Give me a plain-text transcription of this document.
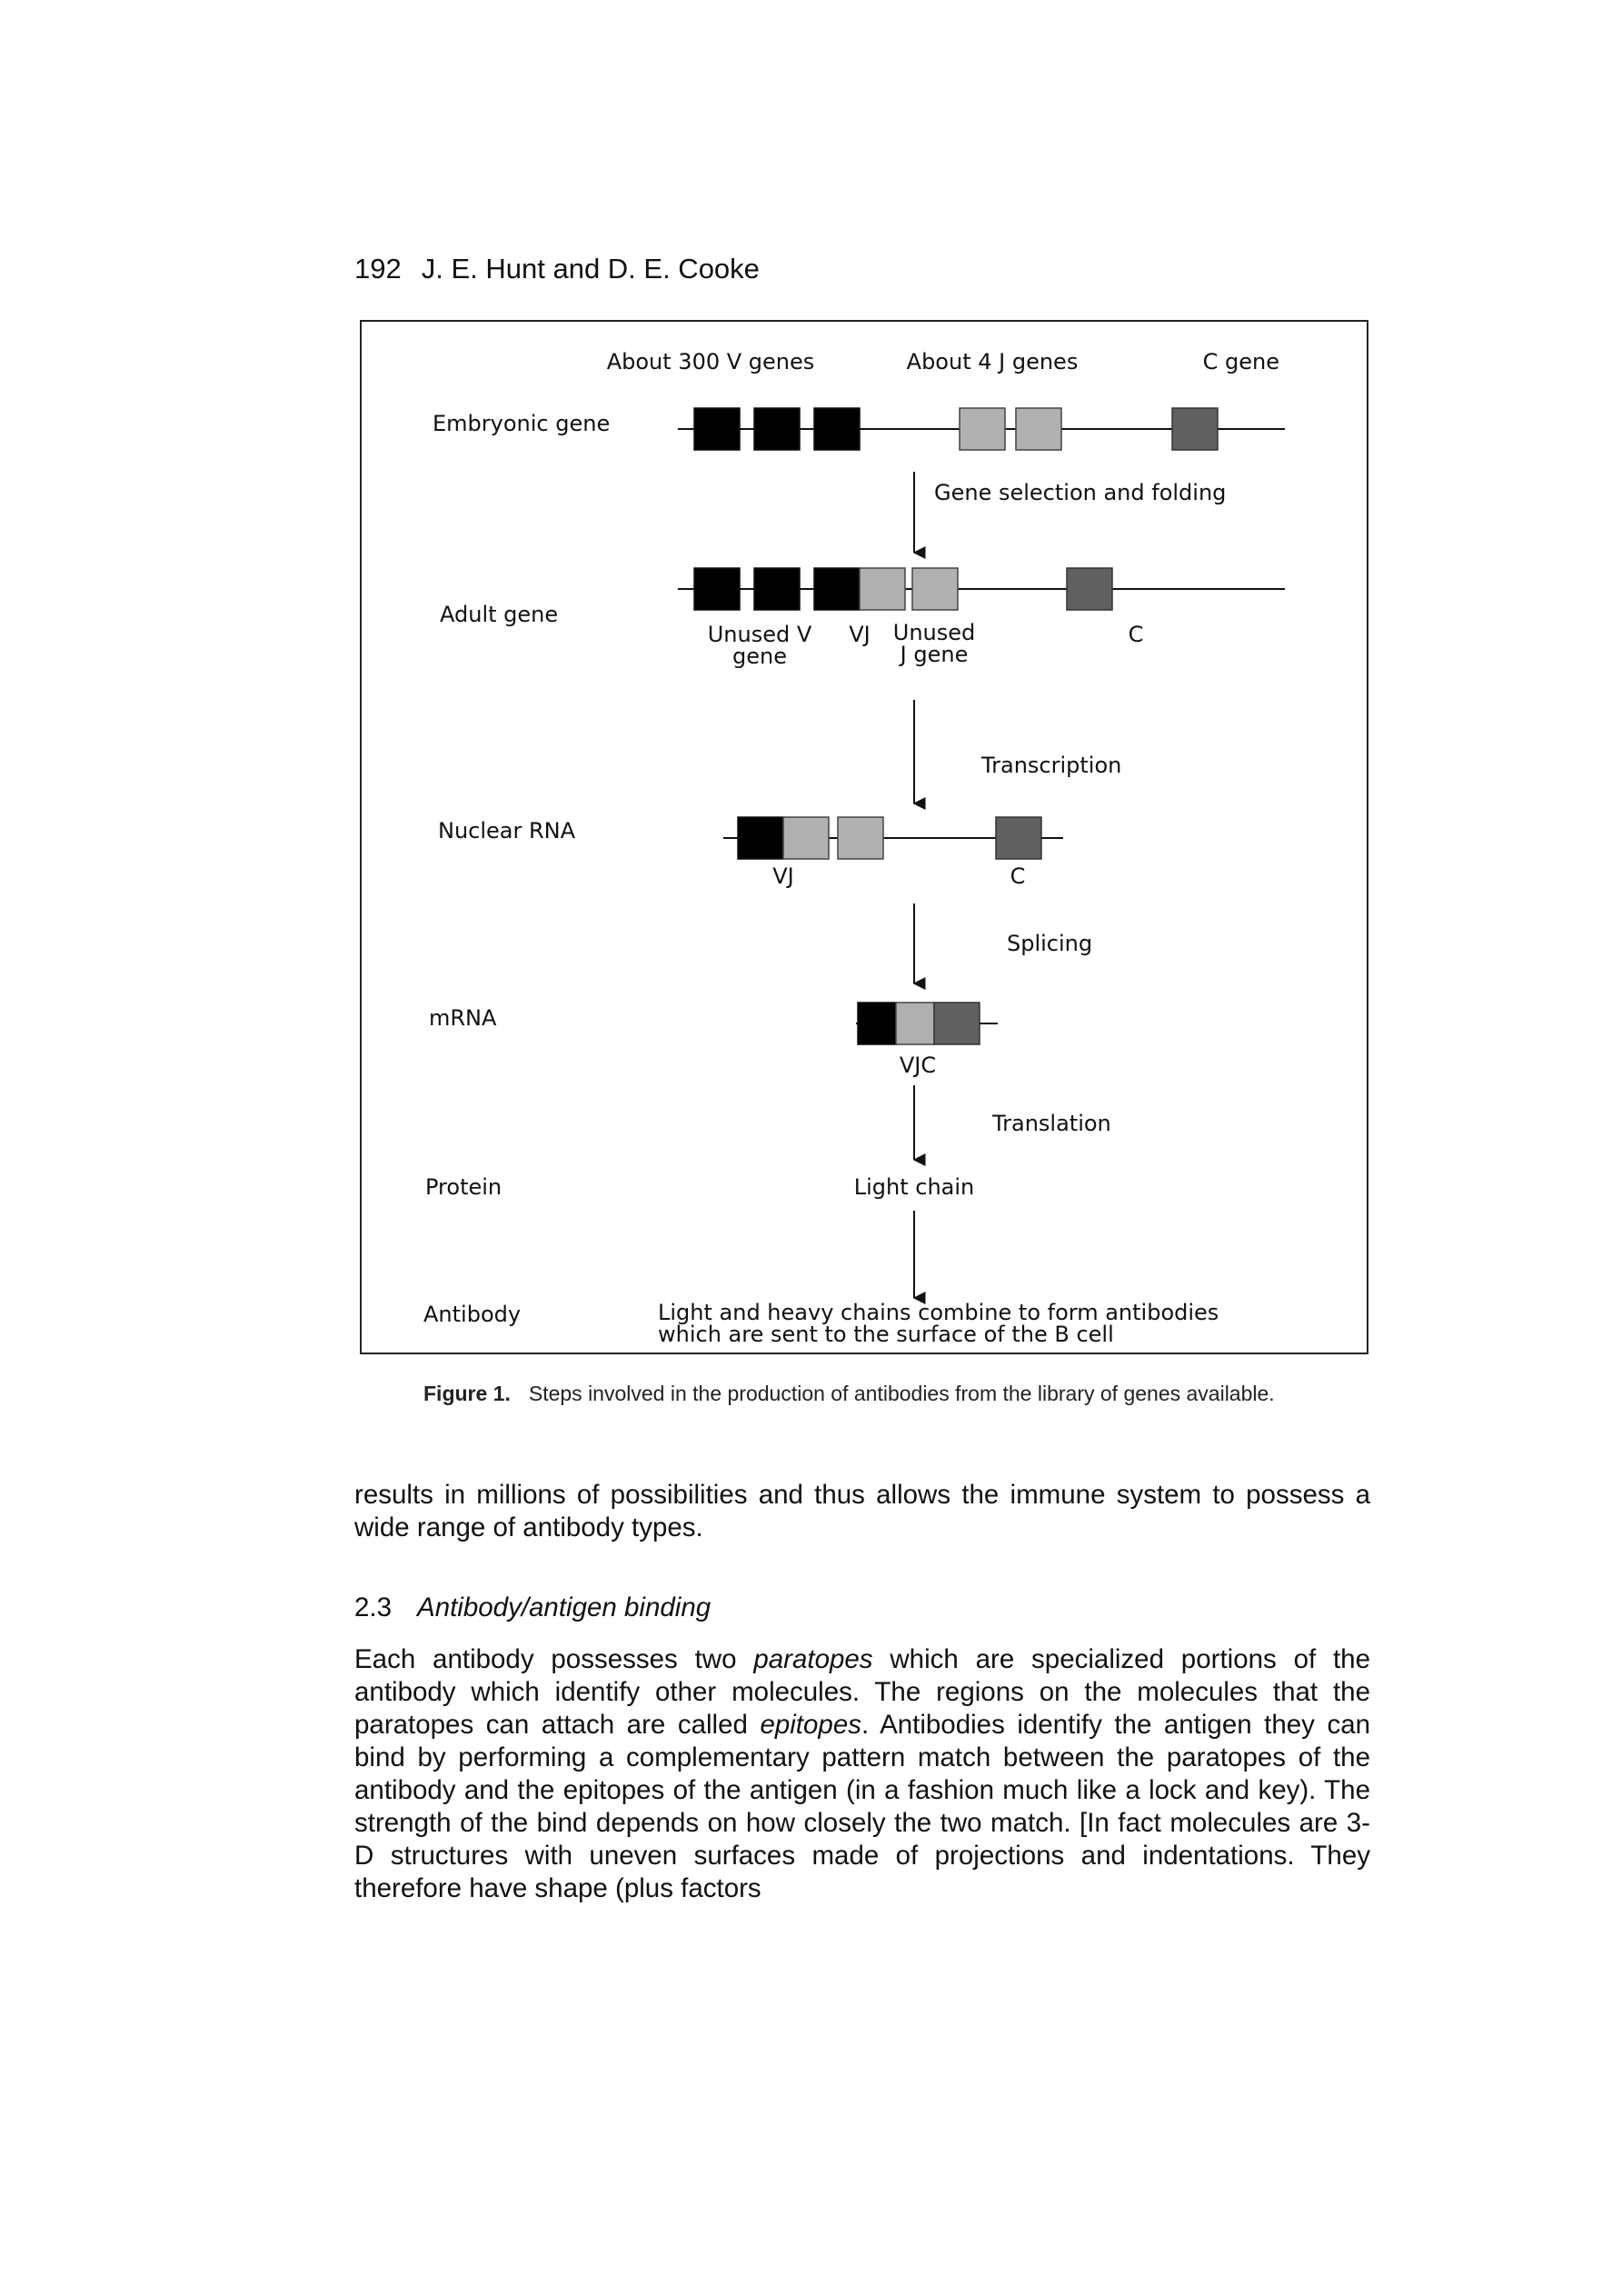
192 J. E. Hunt and D. E. Cooke
About 300 V genes	About 4 J genes	C gene
Embryonic gene
Gene selection and folding
Adult gene
Unused V
gene
VJ Unused
J gene
C
Transcription
Nuclear RNA
VJ	C
Splicing
mRNA
VJC
Translation
Protein	Light chain
Antibody	Light and heavy chains combine to form antibodies
which are sent to the surface of the B cell
Figure 1. Steps involved in the production of antibodies from the library of genes available.

results in millions of possibilities and thus allows the immune system to possess a wide range of antibody types.

2.3 Antibody/antigen binding

Each antibody possesses two paratopes which are specialized portions of the antibody which identify other molecules. The regions on the molecules that the paratopes can attach are called epitopes. Antibodies identify the antigen they can bind by performing a complementary pattern match between the paratopes of the antibody and the epitopes of the antigen (in a fashion much like a lock and key). The strength of the bind depends on how closely the two match. [In fact molecules are 3-D structures with uneven surfaces made of projections and indentations. They therefore have shape (plus factors
